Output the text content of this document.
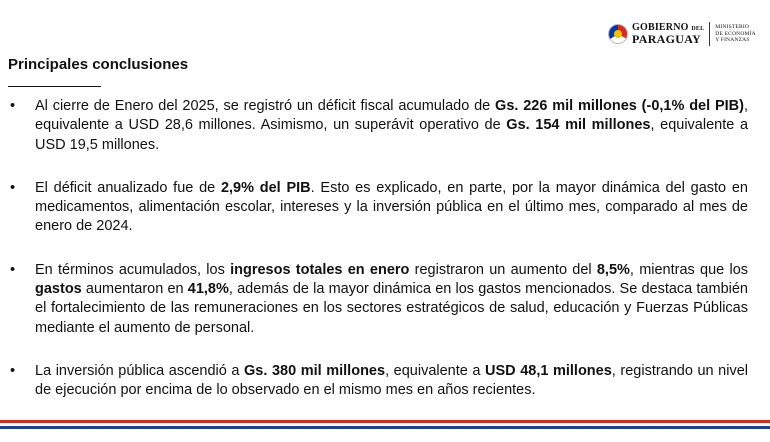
GOBIERNO DEL
PARAGUAY
MINISTERIO
DE ECONOMÍA
Y FINANZAS
Principales conclusiones
• Al cierre de Enero del 2025, se registró un déficit fiscal acumulado de Gs. 226 mil millones (-0,1% del PIB), equivalente a USD 28,6 millones. Asimismo, un superávit operativo de Gs. 154 mil millones, equivalente a USD 19,5 millones.
• El déficit anualizado fue de 2,9% del PIB. Esto es explicado, en parte, por la mayor dinámica del gasto en medicamentos, alimentación escolar, intereses y la inversión pública en el último mes, comparado al mes de enero de 2024.
• En términos acumulados, los ingresos totales en enero registraron un aumento del 8,5%, mientras que los gastos aumentaron en 41,8%, además de la mayor dinámica en los gastos mencionados. Se destaca también el fortalecimiento de las remuneraciones en los sectores estratégicos de salud, educación y Fuerzas Públicas mediante el aumento de personal.
• La inversión pública ascendió a Gs. 380 mil millones, equivalente a USD 48,1 millones, registrando un nivel de ejecución por encima de lo observado en el mismo mes en años recientes.
